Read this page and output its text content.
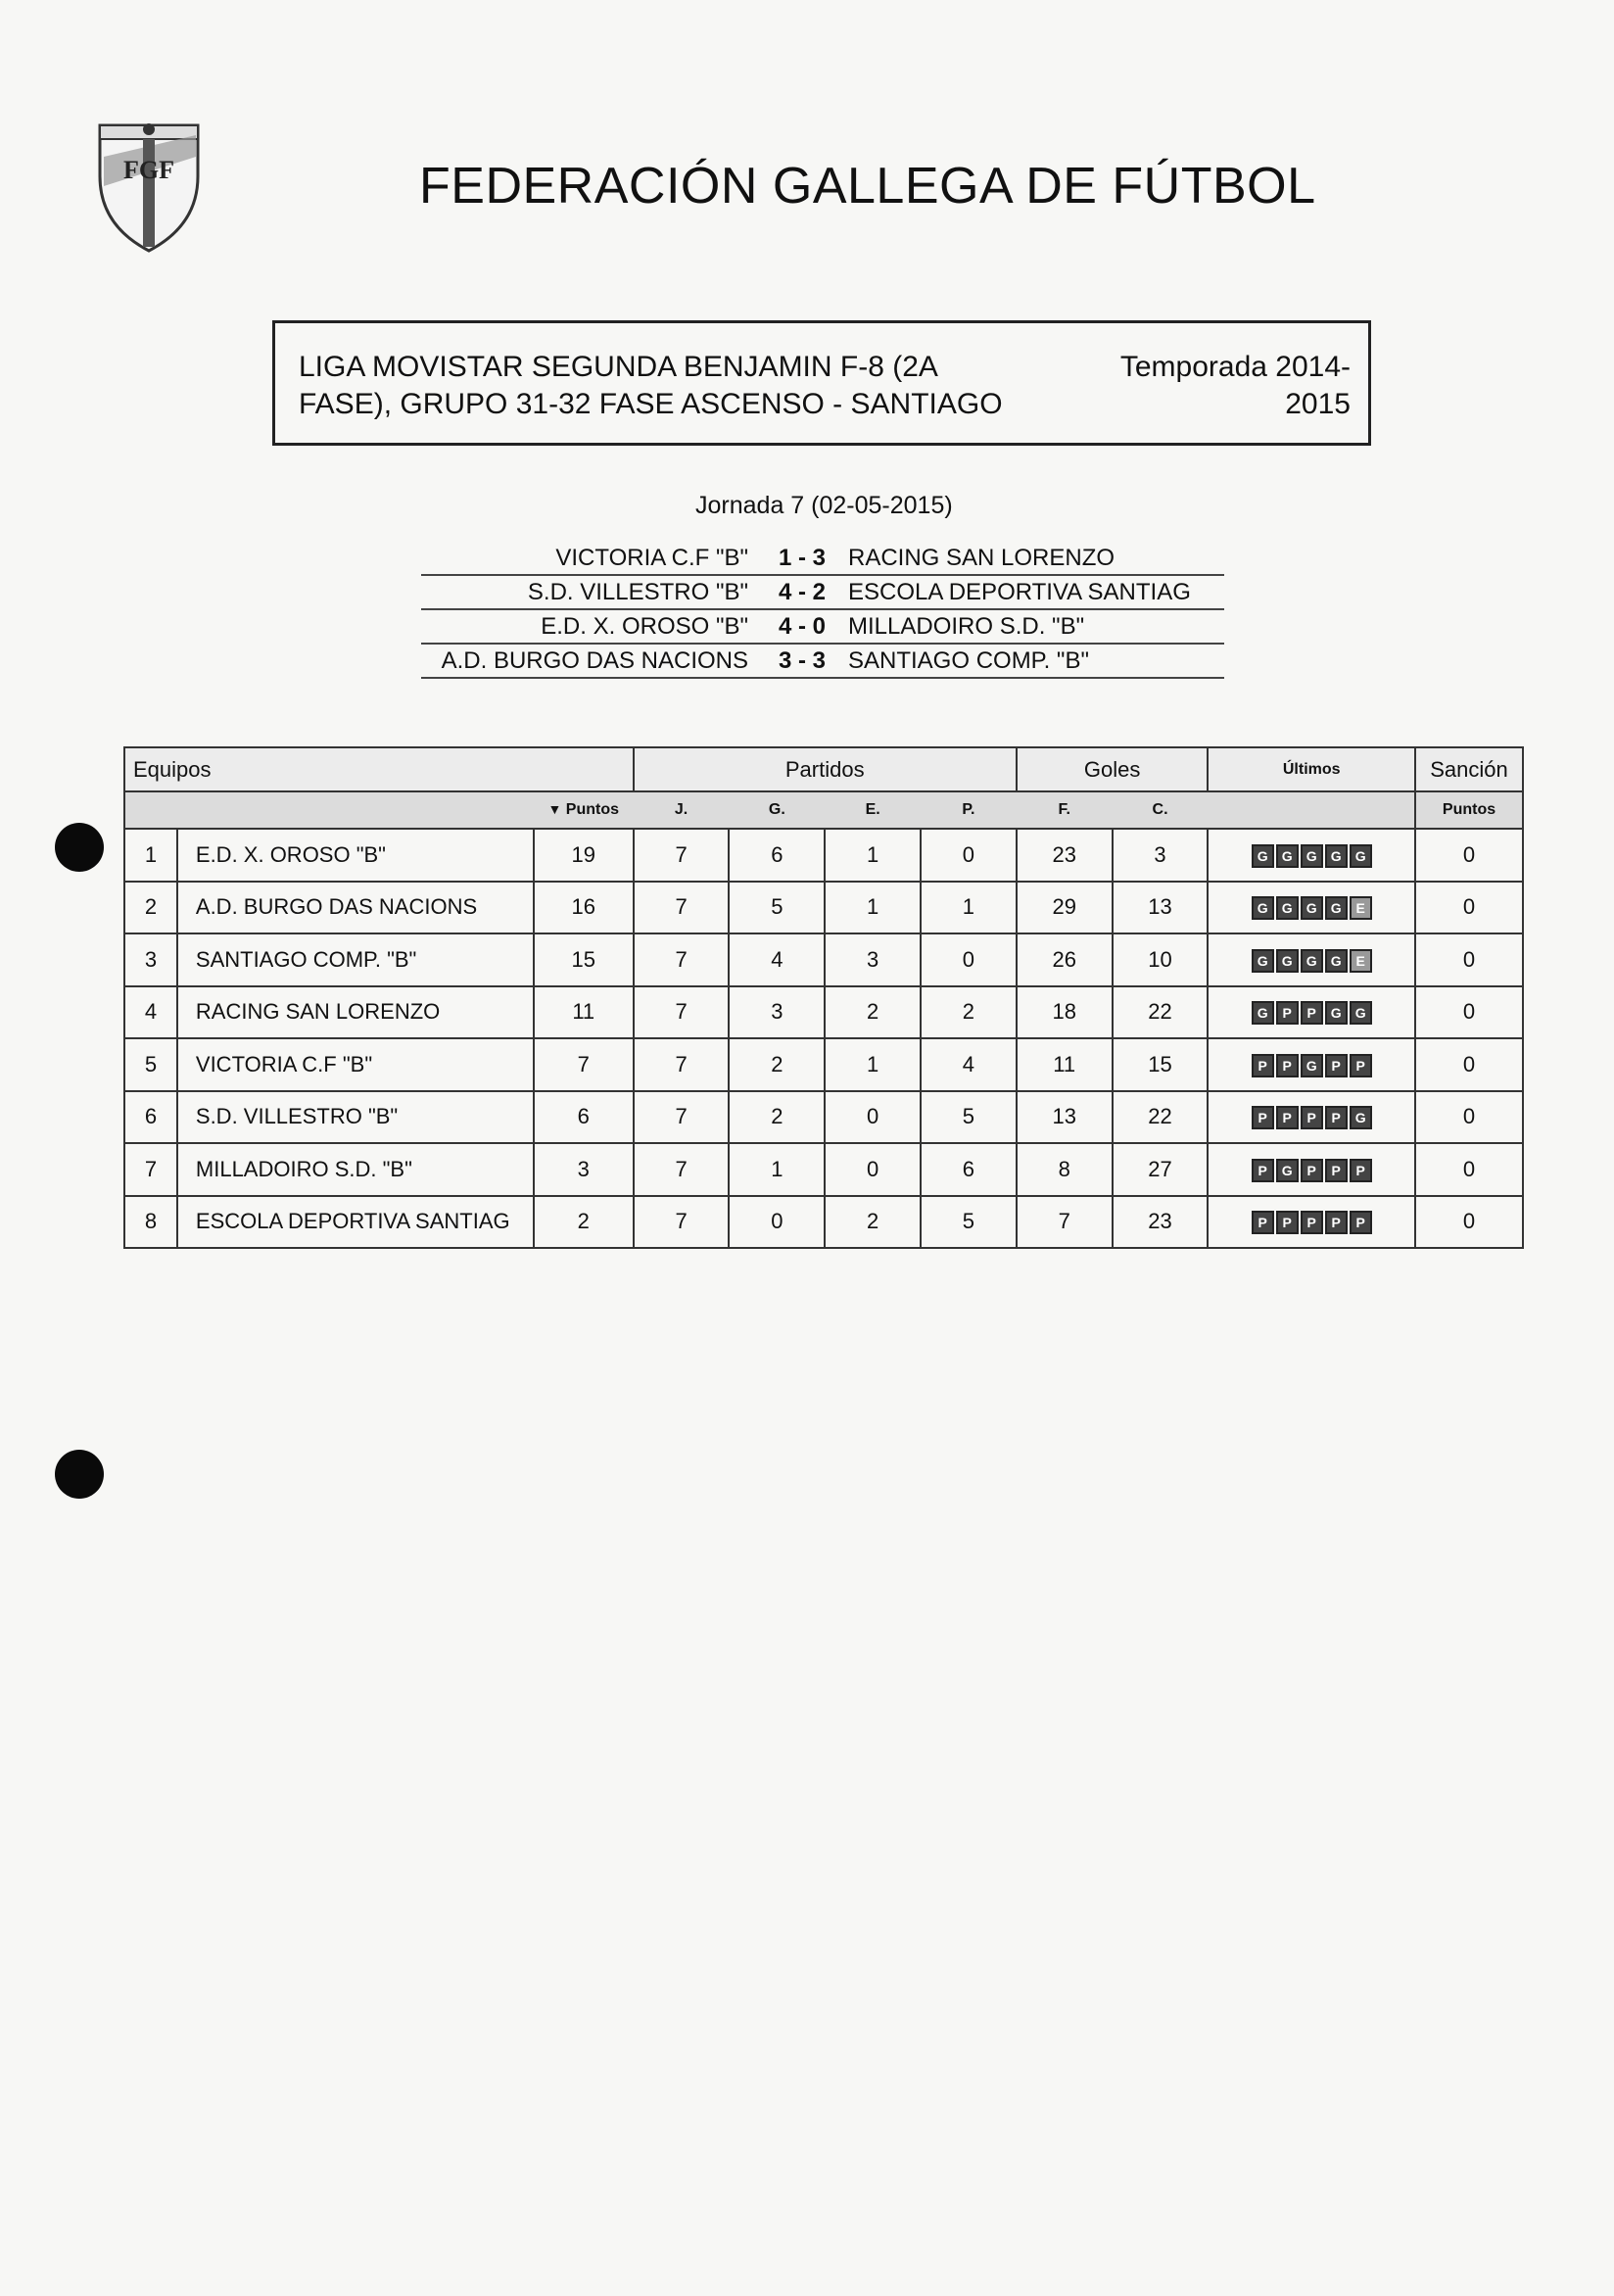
FGF	FEDERACIÓN GALLEGA DE FÚTBOL
LIGA MOVISTAR SEGUNDA BENJAMIN F-8 (2A
FASE), GRUPO 31-32 FASE ASCENSO - SANTIAGO
Temporada 2014-
2015
Jornada 7 (02-05-2015)
VICTORIA C.F "B"	1 - 3	RACING SAN LORENZO
S.D. VILLESTRO "B"	4 - 2	ESCOLA DEPORTIVA SANTIAG
E.D. X. OROSO "B"	4 - 0	MILLADOIRO S.D. "B"
A.D. BURGO DAS NACIONS	3 - 3	SANTIAGO COMP. "B"
Equipos			Partidos				Goles		Últimos	Sanción
		▼ Puntos	J.	G.	E.	P.	F.	C.		Puntos
1	E.D. X. OROSO "B"	19	7	6	1	0	23	3	G G G G G	0
2	A.D. BURGO DAS NACIONS	16	7	5	1	1	29	13	G G G G E	0
3	SANTIAGO COMP. "B"	15	7	4	3	0	26	10	G G G G E	0
4	RACING SAN LORENZO	11	7	3	2	2	18	22	G P P G G	0
5	VICTORIA C.F "B"	7	7	2	1	4	11	15	P P G P P	0
6	S.D. VILLESTRO "B"	6	7	2	0	5	13	22	P P P P G	0
7	MILLADOIRO S.D. "B"	3	7	1	0	6	8	27	P G P P P	0
8	ESCOLA DEPORTIVA SANTIAG	2	7	0	2	5	7	23	P P P P P	0
